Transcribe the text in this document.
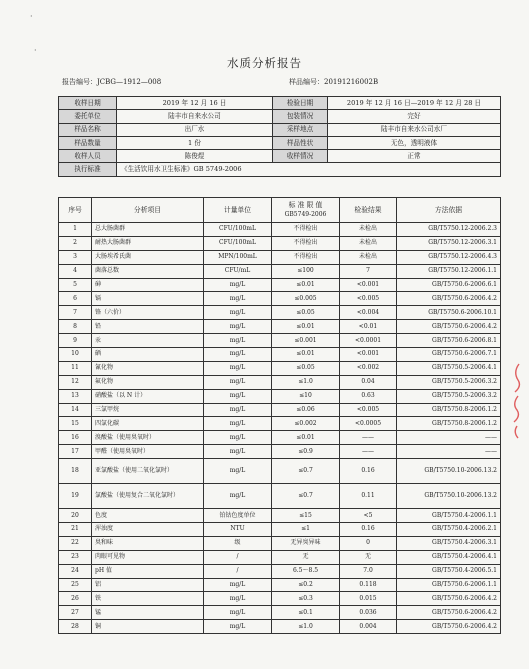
·
·
水质分析报告
报告编号：JCBG—1912—008	样品编号：20191216002B
收样日期	2019 年 12 月 16 日	检验日期	2019 年 12 月 16 日—2019 年 12 月 28 日
委托单位	陆丰市自来水公司	包装情况	完好
样品名称	出厂水	采样地点	陆丰市自来水公司水厂
样品数量	1 份	样品性状	无色，透明液体
收样人员	陈俊煜	收样情况	正常
执行标准	《生活饮用水卫生标准》GB 5749-2006		
序号	分析项目	计量单位	标 准 限 值
GB5749-2006	检验结果	方法依据
1	总大肠菌群	CFU/100mL	不得检出	未检出	GB/T5750.12-2006.2.3
2	耐热大肠菌群	CFU/100mL	不得检出	未检出	GB/T5750.12-2006.3.1
3	大肠埃希氏菌	MPN/100mL	不得检出	未检出	GB/T5750.12-2006.4.3
4	菌落总数	CFU/mL	≤100	7	GB/T5750.12-2006.1.1
5	砷	mg/L	≤0.01	<0.001	GB/T5750.6-2006.6.1
6	镉	mg/L	≤0.005	<0.005	GB/T5750.6-2006.4.2
7	铬（六价）	mg/L	≤0.05	<0.004	GB/T5750.6-2006.10.1
8	铅	mg/L	≤0.01	<0.01	GB/T5750.6-2006.4.2
9	汞	mg/L	≤0.001	<0.0001	GB/T5750.6-2006.8.1
10	硒	mg/L	≤0.01	<0.001	GB/T5750.6-2006.7.1
11	氰化物	mg/L	≤0.05	<0.002	GB/T5750.5-2006.4.1
12	氟化物	mg/L	≤1.0	0.04	GB/T5750.5-2006.3.2
13	硝酸盐（以 N 计）	mg/L	≤10	0.63	GB/T5750.5-2006.3.2
14	三氯甲烷	mg/L	≤0.06	<0.005	GB/T5750.8-2006.1.2
15	四氯化碳	mg/L	≤0.002	<0.0005	GB/T5750.8-2006.1.2
16	溴酸盐（使用臭氧时）	mg/L	≤0.01	——	——
17	甲醛（使用臭氧时）	mg/L	≤0.9	——	——
18	亚氯酸盐（使用二氧化氯时）	mg/L	≤0.7	0.16	GB/T5750.10-2006.13.2
19	氯酸盐（使用复合二氧化氯时）	mg/L	≤0.7	0.11	GB/T5750.10-2006.13.2
20	色度	铂钴色度单位	≤15	<5	GB/T5750.4-2006.1.1
21	浑浊度	NTU	≤1	0.16	GB/T5750.4-2006.2.1
22	臭和味	级	无异臭异味	0	GB/T5750.4-2006.3.1
23	肉眼可见物	/	无	无	GB/T5750.4-2006.4.1
24	pH 值	/	6.5～8.5	7.0	GB/T5750.4-2006.5.1
25	铝	mg/L	≤0.2	0.118	GB/T5750.6-2006.1.1
26	铁	mg/L	≤0.3	0.015	GB/T5750.6-2006.4.2
27	锰	mg/L	≤0.1	0.036	GB/T5750.6-2006.4.2
28	铜	mg/L	≤1.0	0.004	GB/T5750.6-2006.4.2
